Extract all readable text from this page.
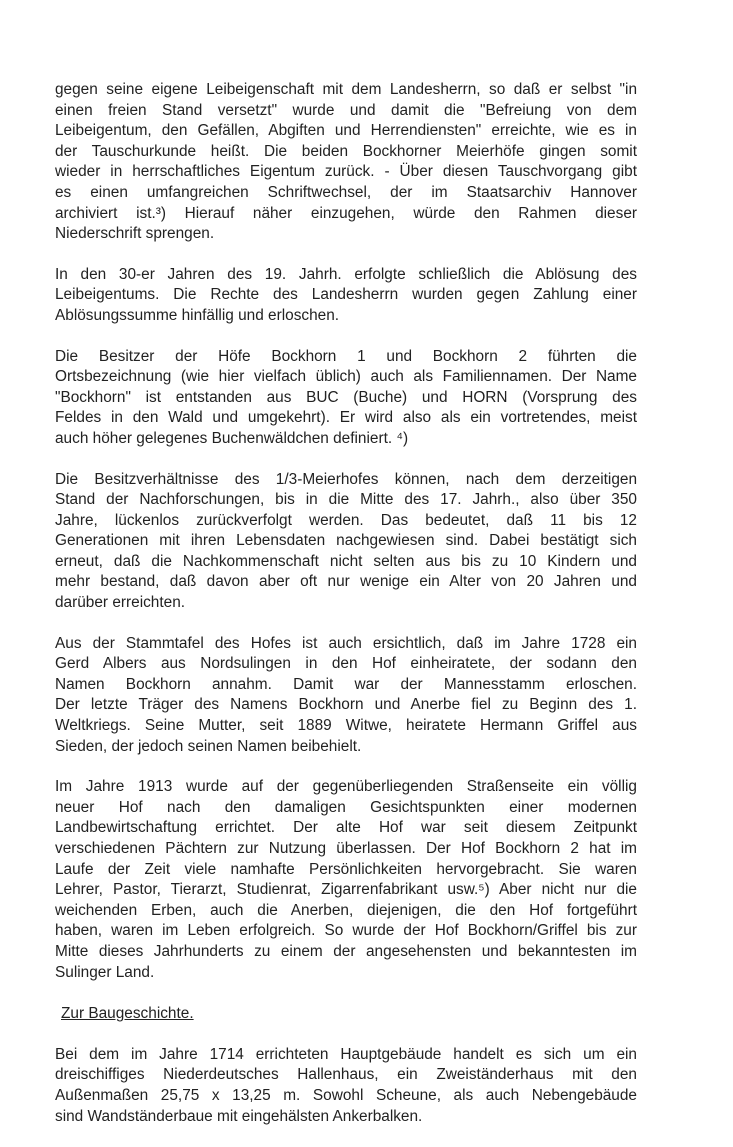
gegen seine eigene Leibeigenschaft mit dem Landesherrn, so daß er selbst "in
einen freien Stand versetzt" wurde und damit die "Befreiung von dem
Leibeigentum, den Gefällen, Abgiften und Herrendiensten" erreichte, wie es in
der Tauschurkunde heißt. Die beiden Bockhorner Meierhöfe gingen somit
wieder in herrschaftliches Eigentum zurück. - Über diesen Tauschvorgang gibt
es einen umfangreichen Schriftwechsel, der im Staatsarchiv Hannover
archiviert ist.³) Hierauf näher einzugehen, würde den Rahmen dieser
Niederschrift sprengen.
In den 30-er Jahren des 19. Jahrh. erfolgte schließlich die Ablösung des
Leibeigentums. Die Rechte des Landesherrn wurden gegen Zahlung einer
Ablösungssumme hinfällig und erloschen.
Die Besitzer der Höfe Bockhorn 1 und Bockhorn 2 führten die
Ortsbezeichnung (wie hier vielfach üblich) auch als Familiennamen. Der Name
"Bockhorn" ist entstanden aus BUC (Buche) und HORN (Vorsprung des
Feldes in den Wald und umgekehrt). Er wird also als ein vortretendes, meist
auch höher gelegenes Buchenwäldchen definiert. ⁴)
Die Besitzverhältnisse des 1/3-Meierhofes können, nach dem derzeitigen
Stand der Nachforschungen, bis in die Mitte des 17. Jahrh., also über 350
Jahre, lückenlos zurückverfolgt werden. Das bedeutet, daß 11 bis 12
Generationen mit ihren Lebensdaten nachgewiesen sind. Dabei bestätigt sich
erneut, daß die Nachkommenschaft nicht selten aus bis zu 10 Kindern und
mehr bestand, daß davon aber oft nur wenige ein Alter von 20 Jahren und
darüber erreichten.
Aus der Stammtafel des Hofes ist auch ersichtlich, daß im Jahre 1728 ein
Gerd Albers aus Nordsulingen in den Hof einheiratete, der sodann den
Namen Bockhorn annahm. Damit war der Mannesstamm erloschen.
Der letzte Träger des Namens Bockhorn und Anerbe fiel zu Beginn des 1.
Weltkriegs. Seine Mutter, seit 1889 Witwe, heiratete Hermann Griffel aus
Sieden, der jedoch seinen Namen beibehielt.
Im Jahre 1913 wurde auf der gegenüberliegenden Straßenseite ein völlig
neuer Hof nach den damaligen Gesichtspunkten einer modernen
Landbewirtschaftung errichtet. Der alte Hof war seit diesem Zeitpunkt
verschiedenen Pächtern zur Nutzung überlassen. Der Hof Bockhorn 2 hat im
Laufe der Zeit viele namhafte Persönlichkeiten hervorgebracht. Sie waren
Lehrer, Pastor, Tierarzt, Studienrat, Zigarrenfabrikant usw.⁵) Aber nicht nur die
weichenden Erben, auch die Anerben, diejenigen, die den Hof fortgeführt
haben, waren im Leben erfolgreich. So wurde der Hof Bockhorn/Griffel bis zur
Mitte dieses Jahrhunderts zu einem der angesehensten und bekanntesten im
Sulinger Land.
Zur Baugeschichte.
Bei dem im Jahre 1714 errichteten Hauptgebäude handelt es sich um ein
dreischiffiges Niederdeutsches Hallenhaus, ein Zweiständerhaus mit den
Außenmaßen 25,75 x 13,25 m. Sowohl Scheune, als auch Nebengebäude
sind Wandständerbaue mit eingehälsten Ankerbalken.
